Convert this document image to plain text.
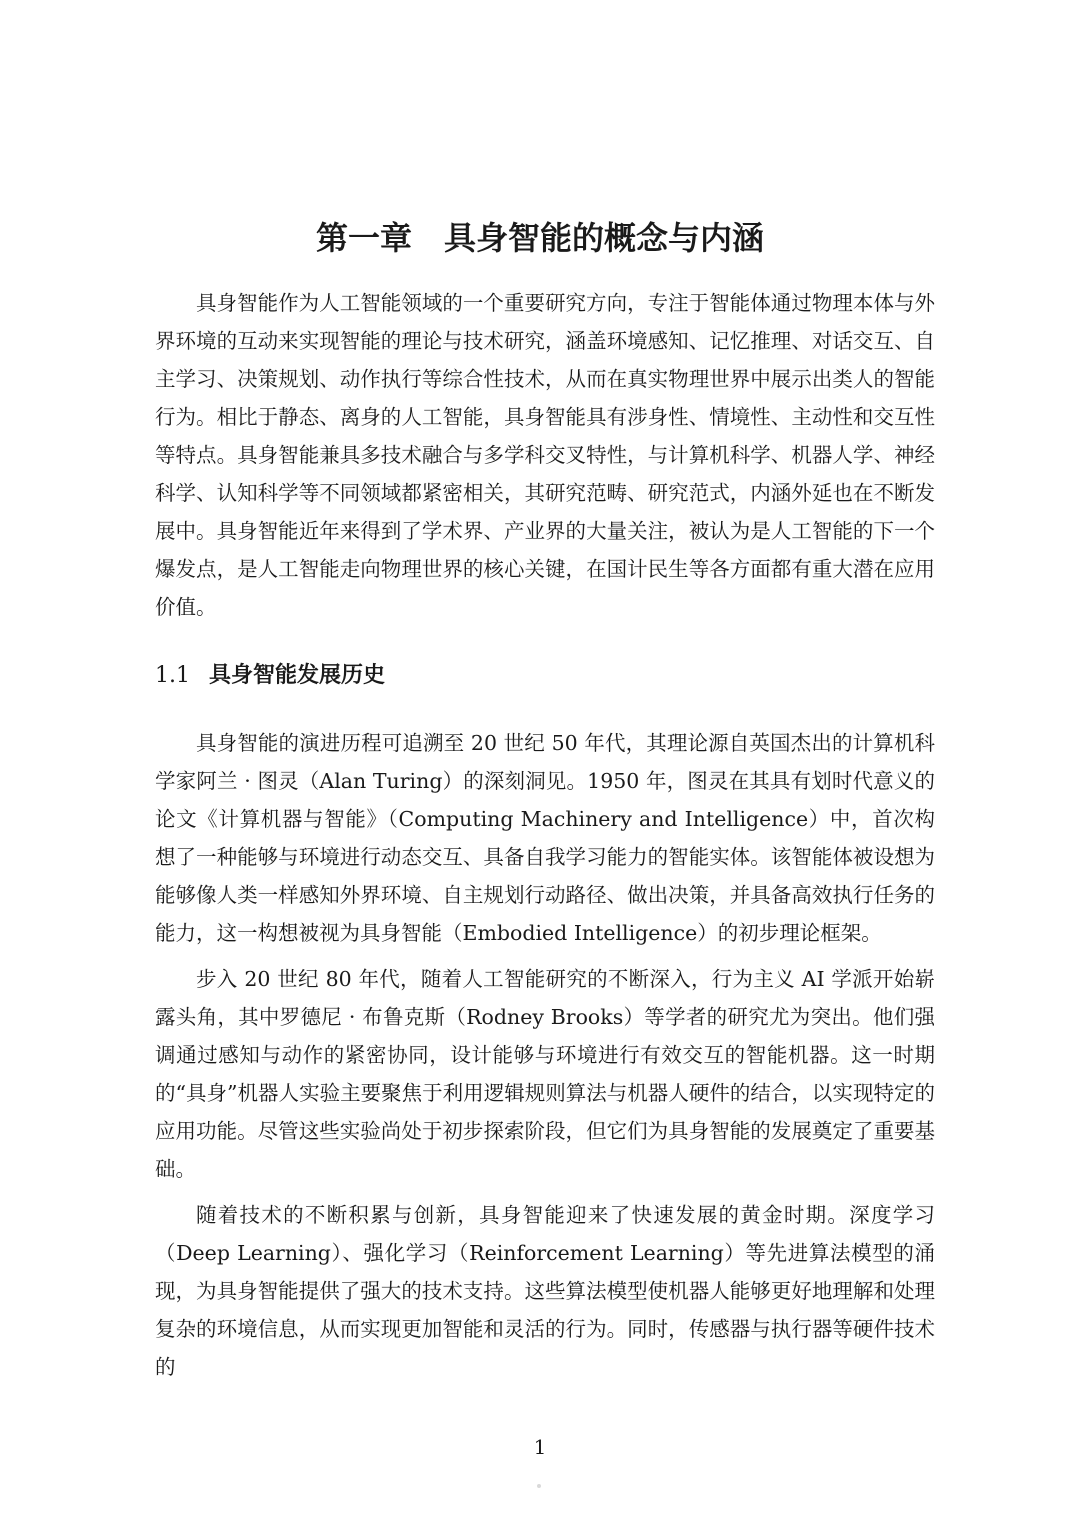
第一章　具身智能的概念与内涵

具身智能作为人工智能领域的一个重要研究方向，专注于智能体通过物理本体与外界环境的互动来实现智能的理论与技术研究，涵盖环境感知、记忆推理、对话交互、自主学习、决策规划、动作执行等综合性技术，从而在真实物理世界中展示出类人的智能行为。相比于静态、离身的人工智能，具身智能具有涉身性、情境性、主动性和交互性等特点。具身智能兼具多技术融合与多学科交叉特性，与计算机科学、机器人学、神经科学、认知科学等不同领域都紧密相关，其研究范畴、研究范式，内涵外延也在不断发展中。具身智能近年来得到了学术界、产业界的大量关注，被认为是人工智能的下一个爆发点，是人工智能走向物理世界的核心关键，在国计民生等各方面都有重大潜在应用价值。

1.1 具身智能发展历史

具身智能的演进历程可追溯至 20 世纪 50 年代，其理论源自英国杰出的计算机科学家阿兰 · 图灵（Alan Turing）的深刻洞见。1950 年，图灵在其具有划时代意义的论文《计算机器与智能》（Computing Machinery and Intelligence）中，首次构想了一种能够与环境进行动态交互、具备自我学习能力的智能实体。该智能体被设想为能够像人类一样感知外界环境、自主规划行动路径、做出决策，并具备高效执行任务的能力，这一构想被视为具身智能（Embodied Intelligence）的初步理论框架。

步入 20 世纪 80 年代，随着人工智能研究的不断深入，行为主义 AI 学派开始崭露头角，其中罗德尼 · 布鲁克斯（Rodney Brooks）等学者的研究尤为突出。他们强调通过感知与动作的紧密协同，设计能够与环境进行有效交互的智能机器。这一时期的“具身”机器人实验主要聚焦于利用逻辑规则算法与机器人硬件的结合，以实现特定的应用功能。尽管这些实验尚处于初步探索阶段，但它们为具身智能的发展奠定了重要基础。

随着技术的不断积累与创新，具身智能迎来了快速发展的黄金时期。深度学习（Deep Learning）、强化学习（Reinforcement Learning）等先进算法模型的涌现，为具身智能提供了强大的技术支持。这些算法模型使机器人能够更好地理解和处理复杂的环境信息，从而实现更加智能和灵活的行为。同时，传感器与执行器等硬件技术的

1
